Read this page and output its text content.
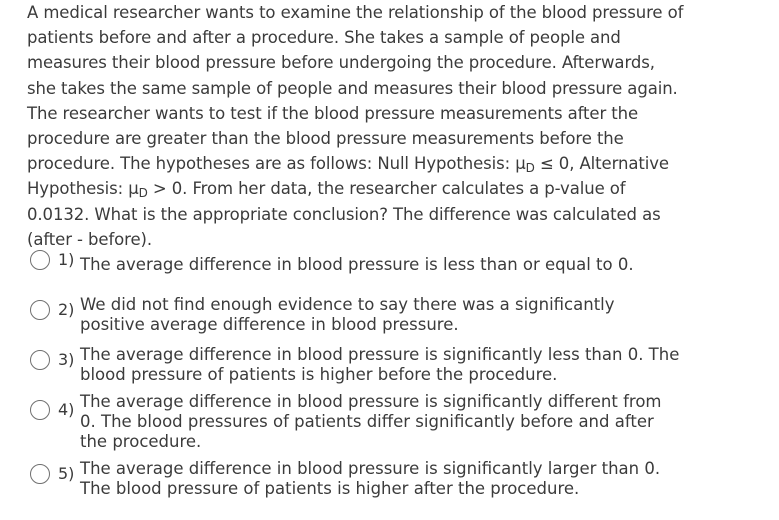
A medical researcher wants to examine the relationship of the blood pressure of patients before and after a procedure. She takes a sample of people and measures their blood pressure before undergoing the procedure. Afterwards, she takes the same sample of people and measures their blood pressure again. The researcher wants to test if the blood pressure measurements after the procedure are greater than the blood pressure measurements before the procedure. The hypotheses are as follows: Null Hypothesis: $\mu_D \le 0$, Alternative Hypothesis: $\mu_D > 0$. From her data, the researcher calculates a p-value of 0.0132. What is the appropriate conclusion? The difference was calculated as (after - before).
1) The average difference in blood pressure is less than or equal to 0.
2) We did not find enough evidence to say there was a significantly positive average difference in blood pressure.
3) The average difference in blood pressure is significantly less than 0. The blood pressure of patients is higher before the procedure.
4) The average difference in blood pressure is significantly different from 0. The blood pressures of patients differ significantly before and after the procedure.
5) The average difference in blood pressure is significantly larger than 0. The blood pressure of patients is higher after the procedure.
